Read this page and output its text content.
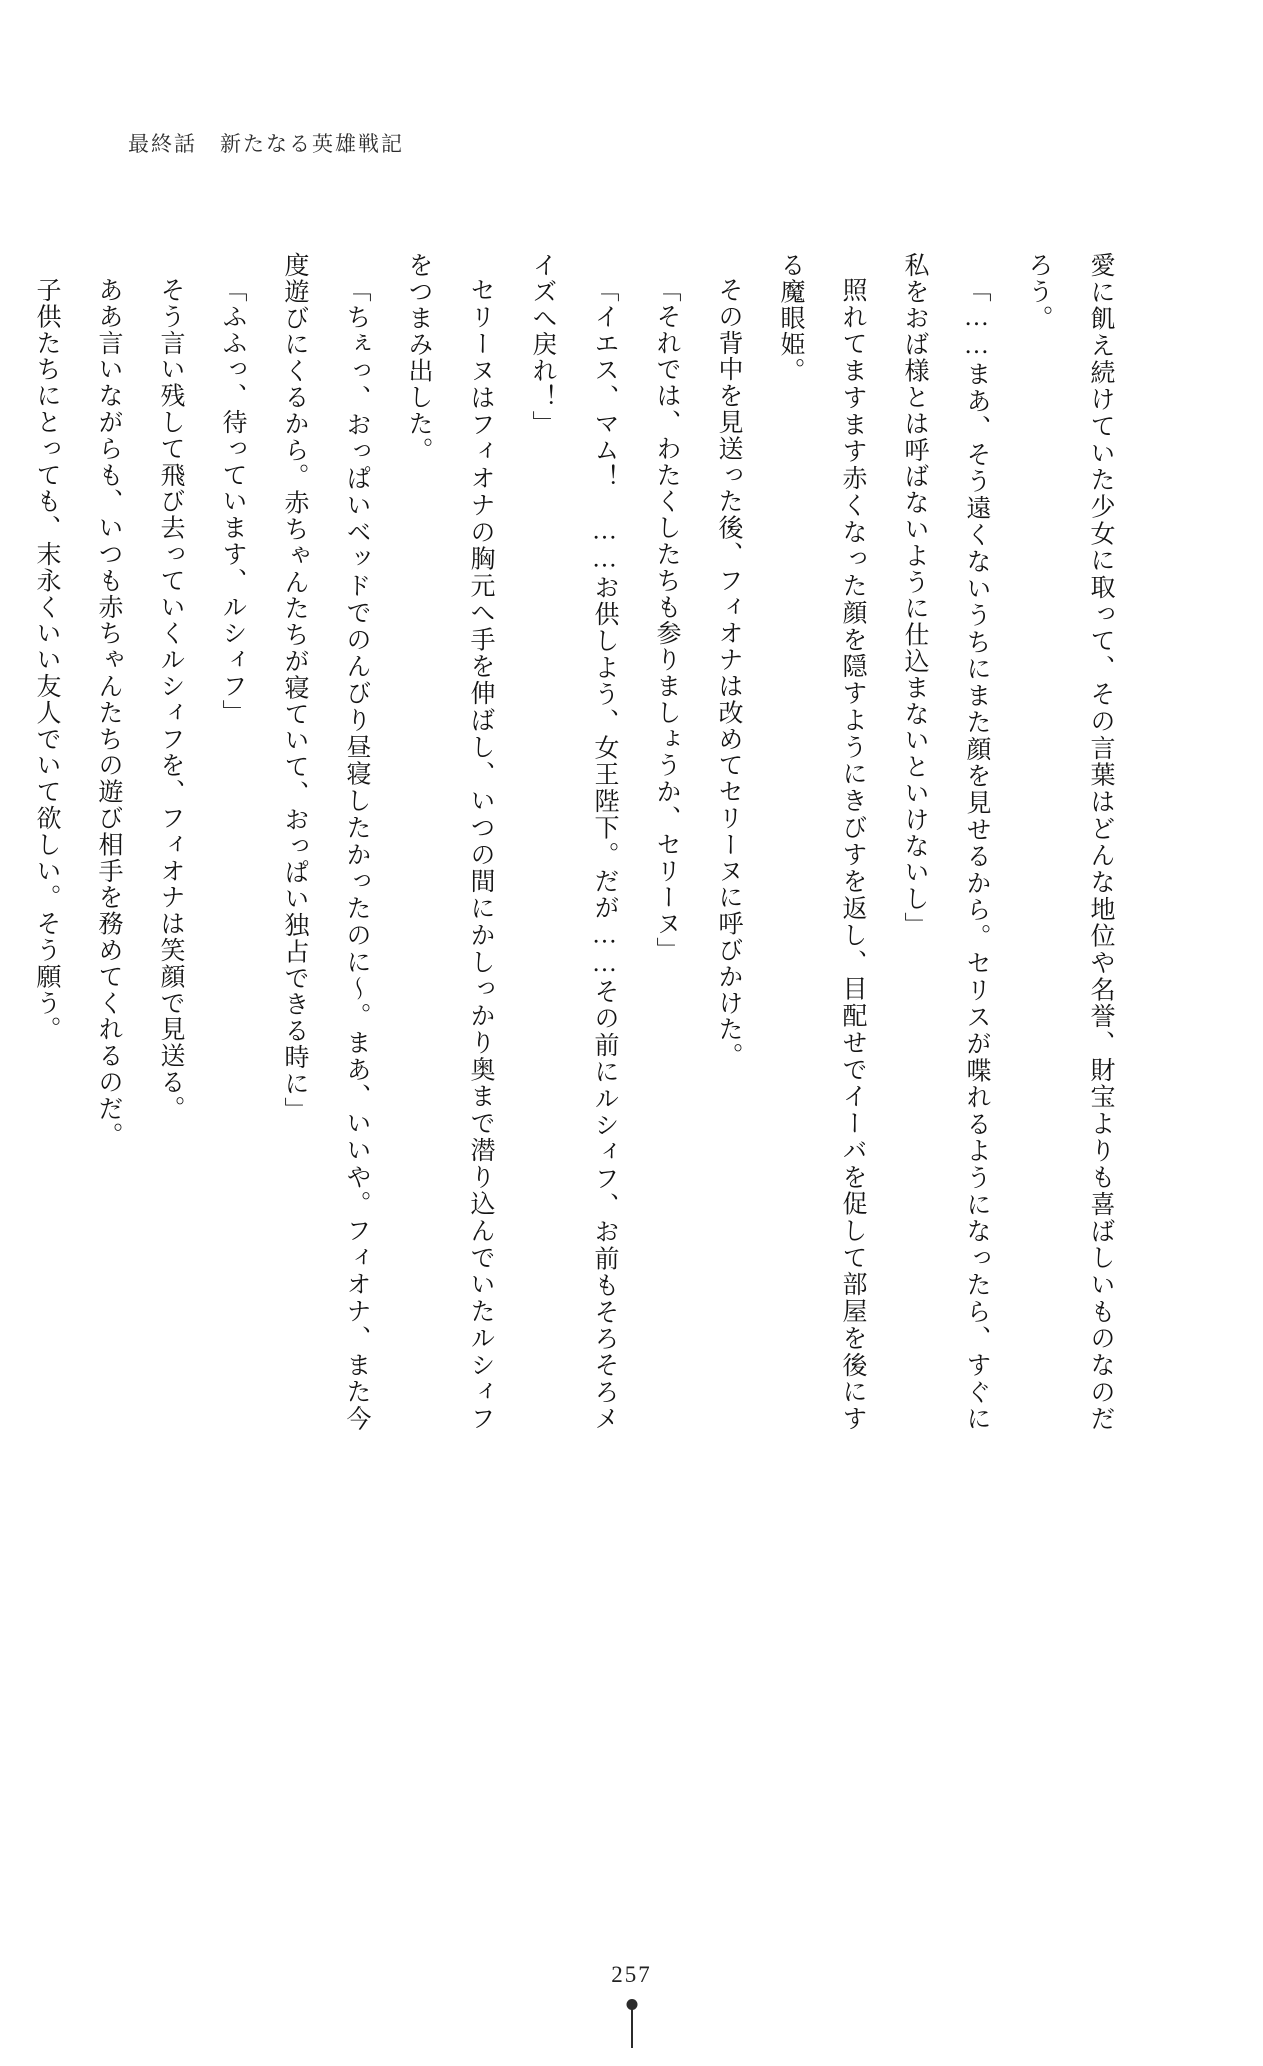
最終話　新たなる英雄戦記

愛に飢え続けていた少女に取って、その言葉はどんな地位や名誉、財宝よりも喜ばしいものなのだろう。

「……まあ、そう遠くないうちにまた顔を見せるから。セリスが喋れるようになったら、すぐに私をおば様とは呼ばないように仕込まないといけないし」

照れてますます赤くなった顔を隠すようにきびすを返し、目配せでイーバを促して部屋を後にする魔眼姫。

その背中を見送った後、フィオナは改めてセリーヌに呼びかけた。

「それでは、わたくしたちも参りましょうか、セリーヌ」

「イエス、マム！　……お供しよう、女王陛下。だが……その前にルシィフ、お前もそろそろメイズへ戻れ！」

セリーヌはフィオナの胸元へ手を伸ばし、いつの間にかしっかり奥まで潜り込んでいたルシィフをつまみ出した。

「ちぇっ、おっぱいベッドでのんびり昼寝したかったのに～。まあ、いいや。フィオナ、また今度遊びにくるから。赤ちゃんたちが寝ていて、おっぱい独占できる時に」

「ふふっ、待っています、ルシィフ」

そう言い残して飛び去っていくルシィフを、フィオナは笑顔で見送る。

ああ言いながらも、いつも赤ちゃんたちの遊び相手を務めてくれるのだ。

子供たちにとっても、末永くいい友人でいて欲しい。そう願う。

257
